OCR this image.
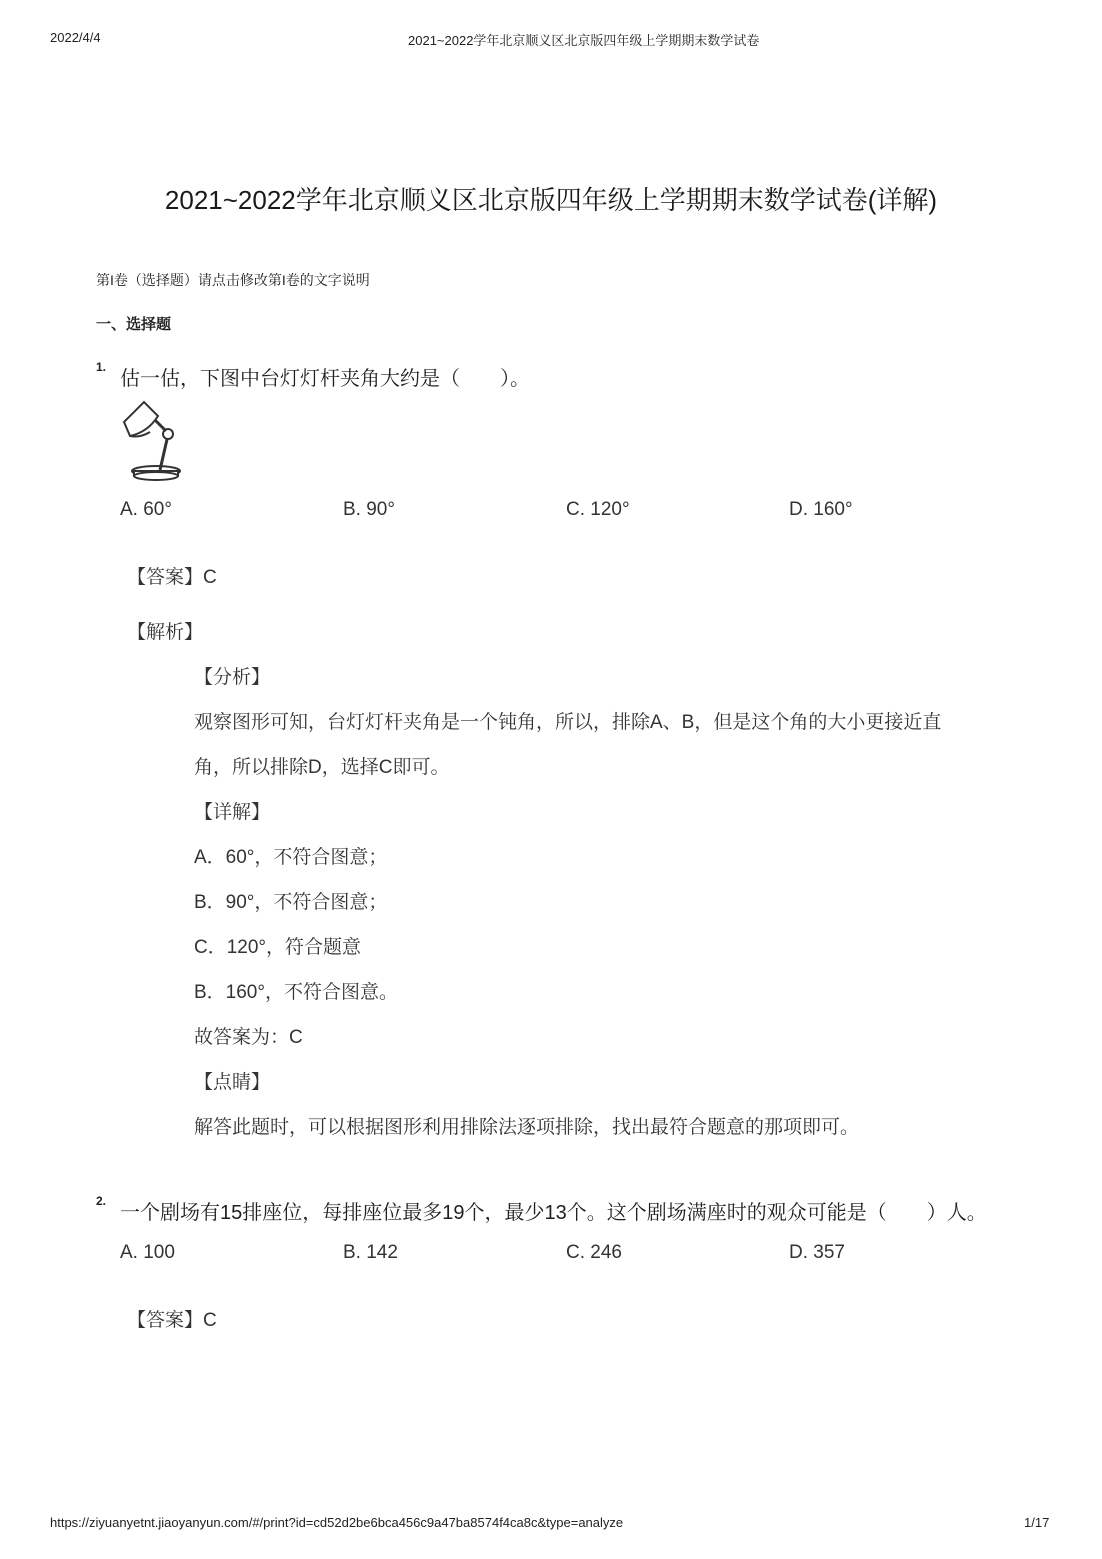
2022/4/4	2021~2022学年北京顺义区北京版四年级上学期期末数学试卷
2021~2022学年北京顺义区北京版四年级上学期期末数学试卷(详解)
第I卷（选择题）请点击修改第I卷的文字说明
一、选择题
1.
估一估，下图中台灯灯杆夹角大约是（　　）。
A. 60°	B. 90°	C. 120°	D. 160°
【答案】C
【解析】
【分析】
观察图形可知，台灯灯杆夹角是一个钝角，所以，排除A、B，但是这个角的大小更接近直
角，所以排除D，选择C即可。
【详解】
A．60°，不符合图意；
B．90°，不符合图意；
C．120°，符合题意
B．160°，不符合图意。
故答案为：C
【点睛】
解答此题时，可以根据图形利用排除法逐项排除，找出最符合题意的那项即可。
2.
一个剧场有15排座位，每排座位最多19个，最少13个。这个剧场满座时的观众可能是（　　）人。
A. 100	B. 142	C. 246	D. 357
【答案】C
https://ziyuanyetnt.jiaoyanyun.com/#/print?id=cd52d2be6bca456c9a47ba8574f4ca8c&type=analyze	1/17
